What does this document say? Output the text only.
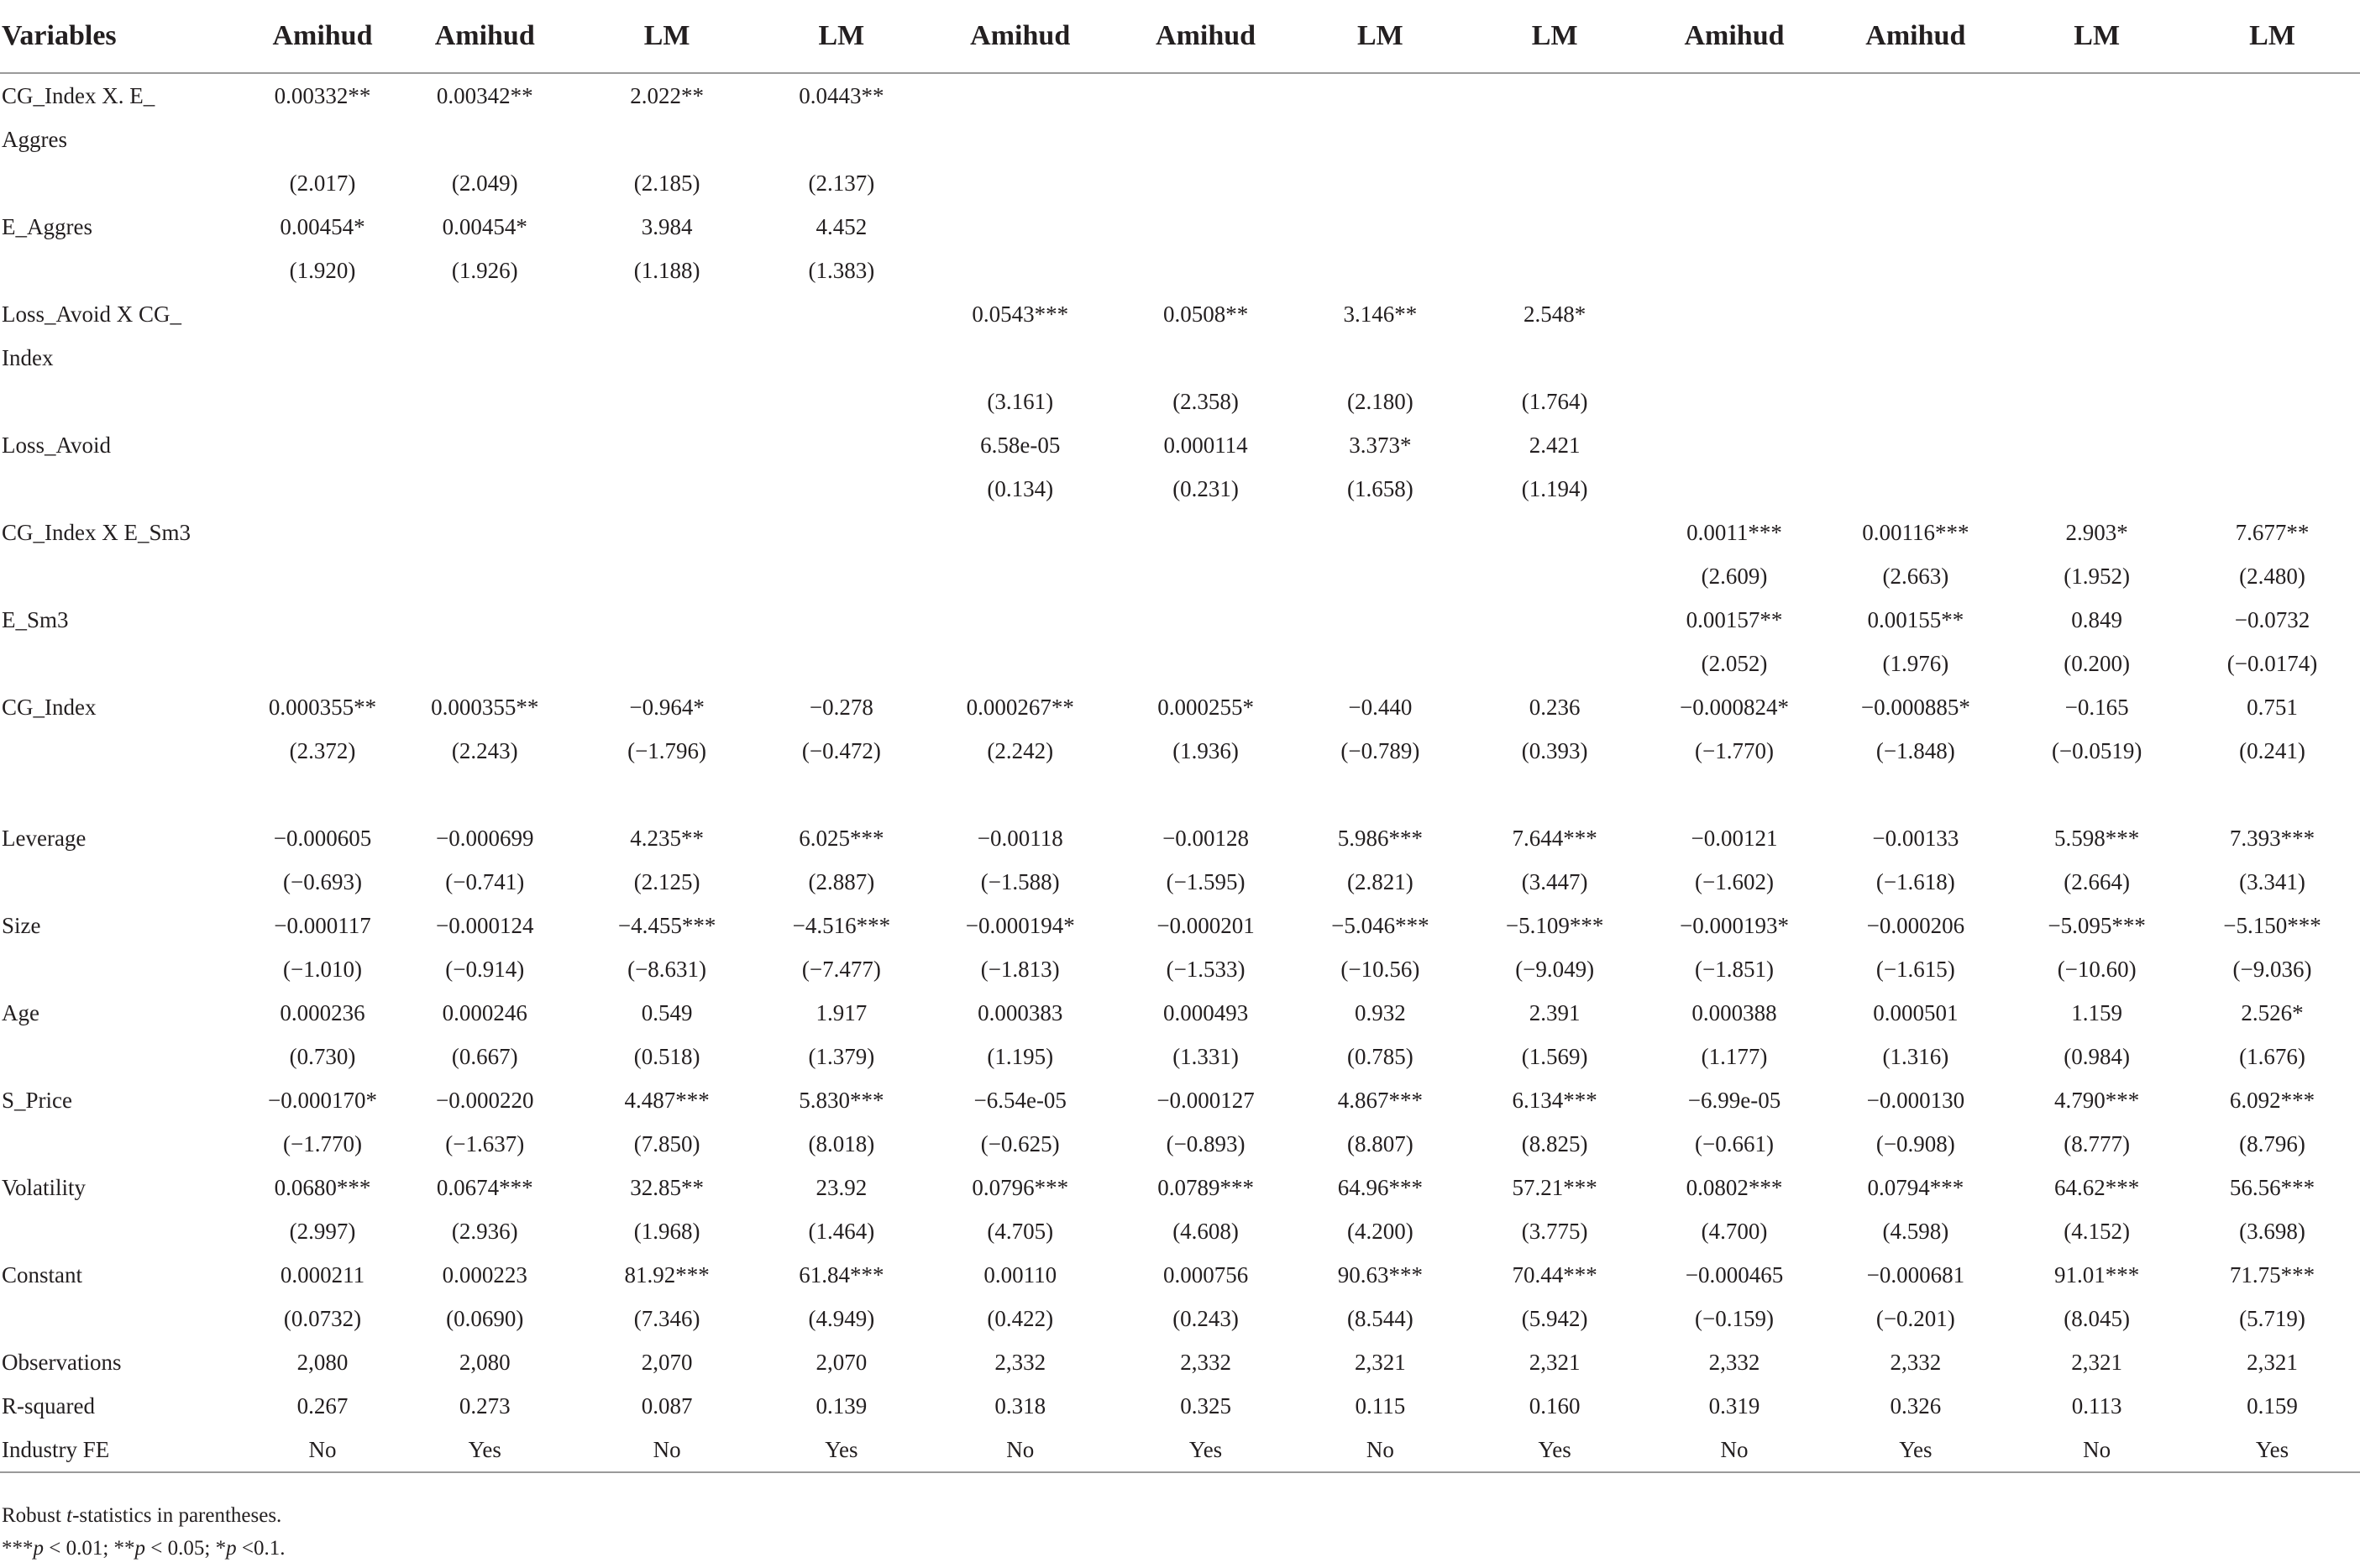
Variables	Amihud	Amihud	LM	LM	Amihud	Amihud	LM	LM	Amihud	Amihud	LM	LM
CG_Index X. E_	0.00332**	0.00342**	2.022**	0.0443**								
Aggres												
	(2.017)	(2.049)	(2.185)	(2.137)								
E_Aggres	0.00454*	0.00454*	3.984	4.452								
	(1.920)	(1.926)	(1.188)	(1.383)								
Loss_Avoid X CG_					0.0543***	0.0508**	3.146**	2.548*				
Index												
					(3.161)	(2.358)	(2.180)	(1.764)				
Loss_Avoid					6.58e-05	0.000114	3.373*	2.421				
					(0.134)	(0.231)	(1.658)	(1.194)				
CG_Index X E_Sm3									0.0011***	0.00116***	2.903*	7.677**
									(2.609)	(2.663)	(1.952)	(2.480)
E_Sm3									0.00157**	0.00155**	0.849	−0.0732
									(2.052)	(1.976)	(0.200)	(−0.0174)
CG_Index	0.000355**	0.000355**	−0.964*	−0.278	0.000267**	0.000255*	−0.440	0.236	−0.000824*	−0.000885*	−0.165	0.751
	(2.372)	(2.243)	(−1.796)	(−0.472)	(2.242)	(1.936)	(−0.789)	(0.393)	(−1.770)	(−1.848)	(−0.0519)	(0.241)

Leverage	−0.000605	−0.000699	4.235**	6.025***	−0.00118	−0.00128	5.986***	7.644***	−0.00121	−0.00133	5.598***	7.393***
	(−0.693)	(−0.741)	(2.125)	(2.887)	(−1.588)	(−1.595)	(2.821)	(3.447)	(−1.602)	(−1.618)	(2.664)	(3.341)
Size	−0.000117	−0.000124	−4.455***	−4.516***	−0.000194*	−0.000201	−5.046***	−5.109***	−0.000193*	−0.000206	−5.095***	−5.150***
	(−1.010)	(−0.914)	(−8.631)	(−7.477)	(−1.813)	(−1.533)	(−10.56)	(−9.049)	(−1.851)	(−1.615)	(−10.60)	(−9.036)
Age	0.000236	0.000246	0.549	1.917	0.000383	0.000493	0.932	2.391	0.000388	0.000501	1.159	2.526*
	(0.730)	(0.667)	(0.518)	(1.379)	(1.195)	(1.331)	(0.785)	(1.569)	(1.177)	(1.316)	(0.984)	(1.676)
S_Price	−0.000170*	−0.000220	4.487***	5.830***	−6.54e-05	−0.000127	4.867***	6.134***	−6.99e-05	−0.000130	4.790***	6.092***
	(−1.770)	(−1.637)	(7.850)	(8.018)	(−0.625)	(−0.893)	(8.807)	(8.825)	(−0.661)	(−0.908)	(8.777)	(8.796)
Volatility	0.0680***	0.0674***	32.85**	23.92	0.0796***	0.0789***	64.96***	57.21***	0.0802***	0.0794***	64.62***	56.56***
	(2.997)	(2.936)	(1.968)	(1.464)	(4.705)	(4.608)	(4.200)	(3.775)	(4.700)	(4.598)	(4.152)	(3.698)
Constant	0.000211	0.000223	81.92***	61.84***	0.00110	0.000756	90.63***	70.44***	−0.000465	−0.000681	91.01***	71.75***
	(0.0732)	(0.0690)	(7.346)	(4.949)	(0.422)	(0.243)	(8.544)	(5.942)	(−0.159)	(−0.201)	(8.045)	(5.719)
Observations	2,080	2,080	2,070	2,070	2,332	2,332	2,321	2,321	2,332	2,332	2,321	2,321
R-squared	0.267	0.273	0.087	0.139	0.318	0.325	0.115	0.160	0.319	0.326	0.113	0.159
Industry FE	No	Yes	No	Yes	No	Yes	No	Yes	No	Yes	No	Yes
Robust t-statistics in parentheses.
***p < 0.01; **p < 0.05; *p <0.1.
